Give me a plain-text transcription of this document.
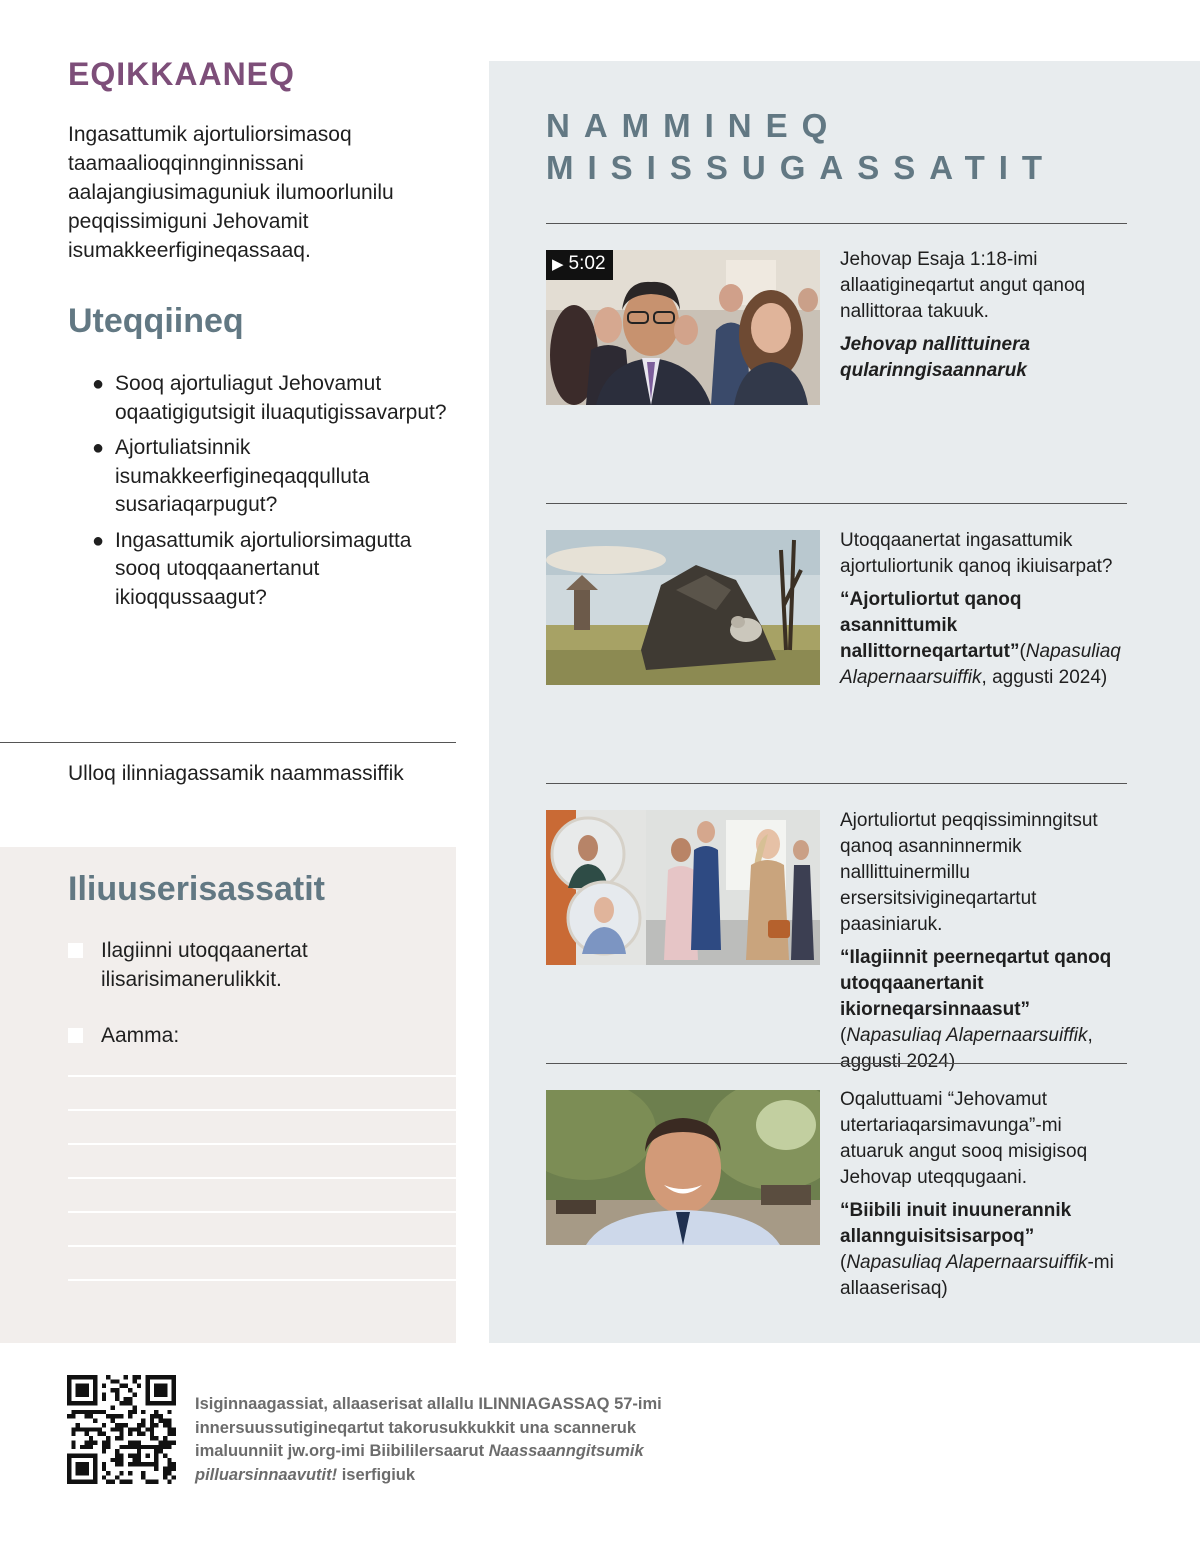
EQIKKAANEQ

Ingasattumik ajortuliorsimasoq taamaalioqqinnginnissani aalajangiusimaguniuk ilumoorlunilu peqqissimiguni Jehovamit isumakkeerfigineqassaaq.

Uteqqiineq
● Sooq ajortuliagut Jehovamut oqaatigigutsigit iluaqutigissavarput?
● Ajortuliatsinnik isumakkeerfigineqaqqulluta susariaqarpugut?
● Ingasattumik ajortuliorsimagutta sooq utoqqaanertanut ikioqqussaagut?

Ulloq ilinniagassamik naammassiffik

Iliuuserisassatit
Ilagiinni utoqqaanertat ilisarisimanerulikkit.
Aamma:
NAMMINEQ
MISISSUGASSATIT
▶ 5:02	Jehovap Esaja 1:18-imi allaatigineqartut angut qanoq nallittoraa takuuk.

Jehovap nallittuinera qularinngisaannaruk

Utoqqaanertat ingasattumik ajortuliortunik qanoq ikiuisarpat?

“Ajortuliortut qanoq asannittumik nallittorneqartartut”(Napasuliaq Alapernaarsuiffik, aggusti 2024)

Ajortuliortut peqqissiminngitsut qanoq asanninnermik nalllittuinermillu ersersitsivigineqartartut paasiniaruk.

“Ilagiinnit peerneqartut qanoq utoqqaanertanit ikiorneqarsinnaasut” (Napasuliaq Alapernaarsuiffik, aggusti 2024)

Oqaluttuami “Jehovamut utertariaqarsimavunga”-mi atuaruk angut sooq misigisoq Jehovap uteqqugaani.

“Biibili inuit inuunerannik allannguisitsisarpoq”
(Napasuliaq Alapernaarsuiffik-mi allaaserisaq)

Isiginnaagassiat, allaaserisat allallu ILINNIAGASSAQ 57-imi innersuussutigineqartut takorusukkukkit una scanneruk imaluunniit jw.org-imi Biibililersaarut Naassaanngitsumik pilluarsinnaavutit! iserfigiuk
